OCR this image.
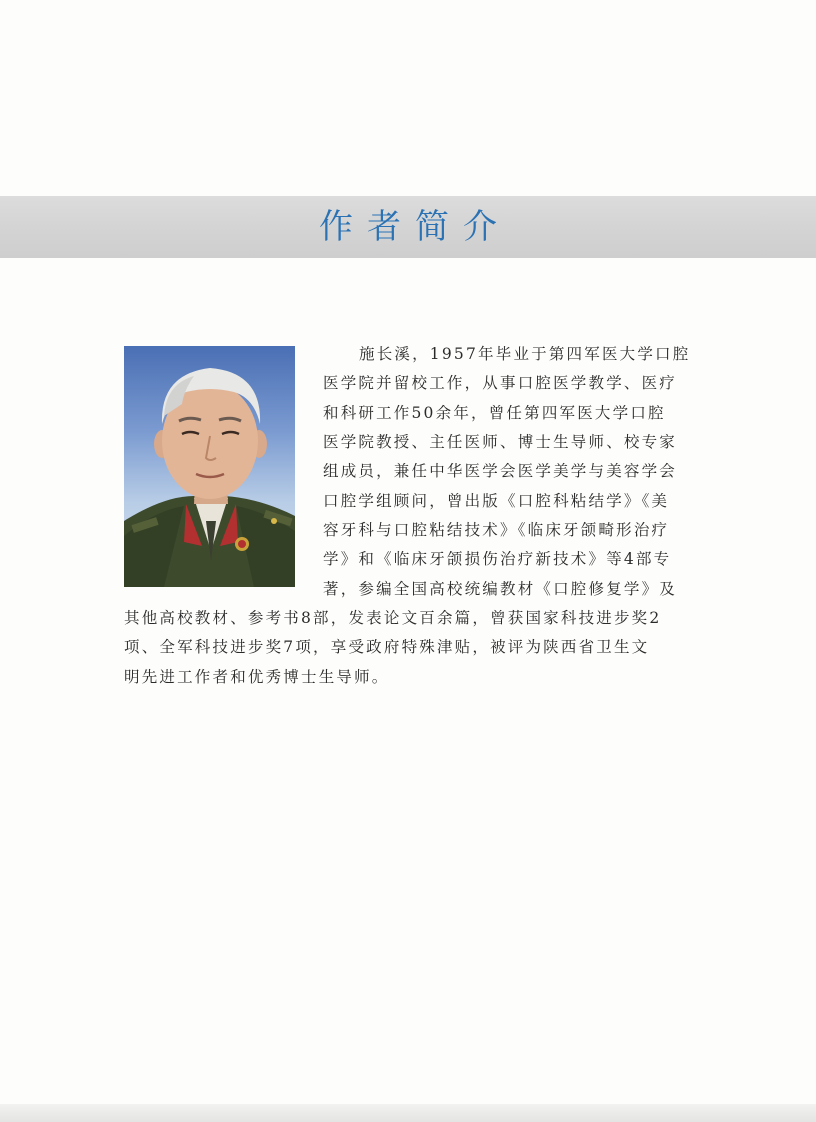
作者简介
施长溪，1957年毕业于第四军医大学口腔
医学院并留校工作，从事口腔医学教学、医疗
和科研工作50余年，曾任第四军医大学口腔
医学院教授、主任医师、博士生导师、校专家
组成员，兼任中华医学会医学美学与美容学会
口腔学组顾问，曾出版《口腔科粘结学》《美
容牙科与口腔粘结技术》《临床牙颌畸形治疗
学》和《临床牙颌损伤治疗新技术》等4部专
著，参编全国高校统编教材《口腔修复学》及
其他高校教材、参考书8部，发表论文百余篇，曾获国家科技进步奖2
项、全军科技进步奖7项，享受政府特殊津贴，被评为陕西省卫生文
明先进工作者和优秀博士生导师。
